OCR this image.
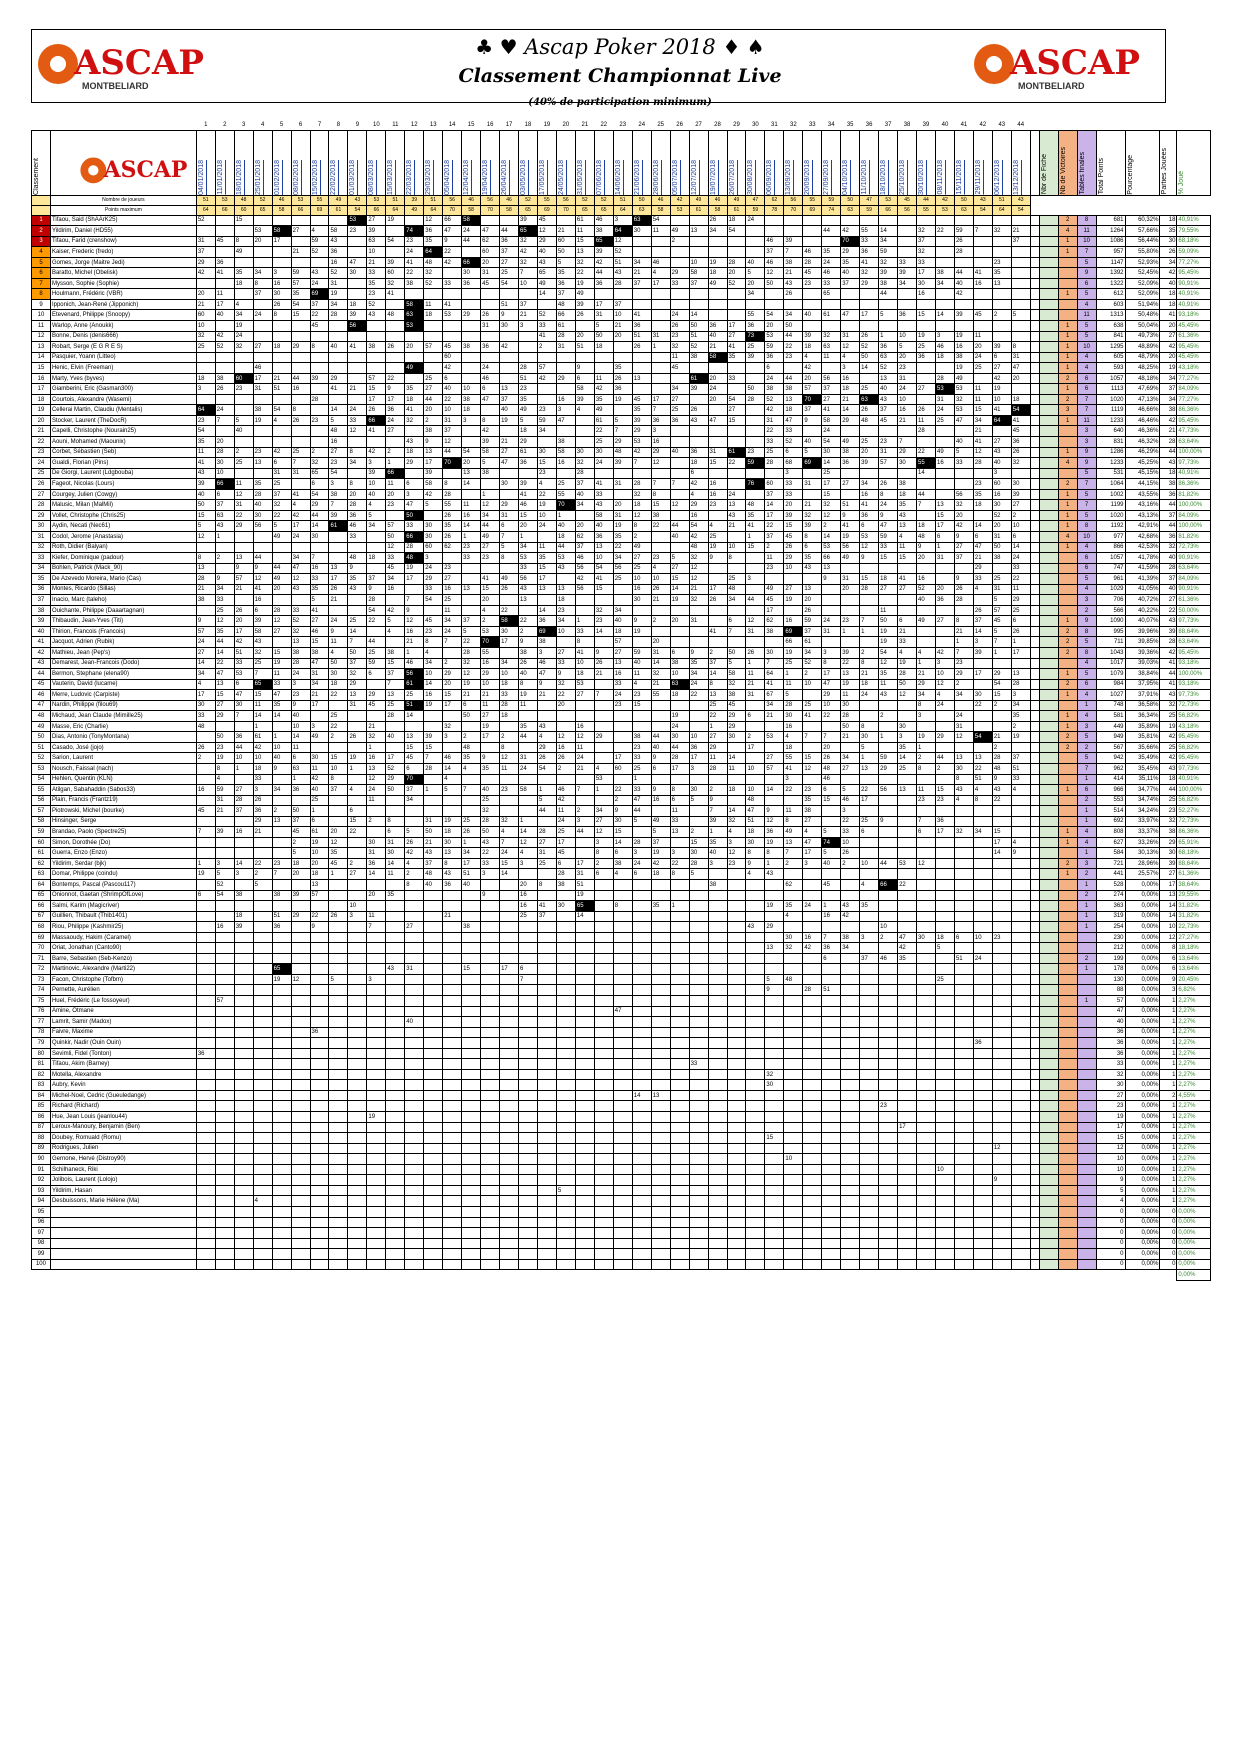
ASCAP
MONTBELIARD
ASCAP
MONTBELIARD
♣ ♥ Ascap Poker 2018 ♦ ♠
Classement Championnat Live
(40% de participation minimum)
		1	2	3	4	5	6	7	8	9	10	11	12	13	14	15	16	17	18	19	20	21	22	23	24	25	26	27	28	29	30	31	32	33	34	35	36	37	38	39	40	41	42	43	44								

Classement	ASCAP	04/01/2018	11/01/2018	18/01/2018	25/01/2018	01/02/2018	08/02/2018	15/02/2018	22/02/2018	01/03/2018	08/03/2018	15/03/2018	22/03/2018	29/03/2018	05/04/2018	12/04/2018	19/04/2018	26/04/2018	03/05/2018	17/05/2018	24/05/2018	31/05/2018	07/06/2018	14/06/2018	21/06/2018	28/06/2018	05/07/2018	12/07/2018	19/07/2018	26/07/2018	30/08/2018	06/09/2018	13/09/2018	20/09/2018	27/09/2018	04/10/2018	11/10/2018	18/10/2018	25/10/2018	30/10/2018	08/11/2018	15/11/2018	29/11/2018	06/12/2018	13/12/2018		Nbr de Fiche	Nb de Victoires	Tables finales	Total Points	Pourcentage	Parties Jouées	% Joué

	Nombre de joueurs	51	53	48	52	46	53	55	49	43	53	51	39	51	56	46	56	46	52	55	56	52	52	51	50	46	42	49	46	49	47	62	56	55	59	50	47	53	45	44	42	50	43	51	43								
	Points maximum	64	66	60	65	58	66	69	61	54	66	64	49	64	70	58	70	58	65	69	70	65	65	64	63	58	53	61	58	61	59	78	70	69	74	63	59	66	56	55	53	63	54	64	54								
1	Tifaou, Said (ShAArK25)	52		15						53	27	19		12	66	58			39	45		61	46	3	63	54			26	18	24																	2	8	681	60,32%	18	40,91%
2	Yildirim, Daniel (HD55)				53	58	27	4	58	23	39		74	36	47	24	47	44	65	12	21	11	38	64	30	11	49	13	34	54					44	42	55	14		32	22	59	7	32	21			4	11	1264	57,66%	35	79,55%
3	Tifaou, Farid (crenshow)	31	45	8	20	17		59	43		63	54	23	35	9	44	62	36	32	29	60	15	65	12			2					46	39			70	33	34		37		26			37			1	10	1086	56,44%	30	68,18%
4	Kaiser, Frederic (fredo)	37		49			21	52	36		10		24	64	22		60	37	42	40	50	13	39	52								37	7	46	35	29	36	59		32		28						1	7	957	55,80%	26	59,09%
5	Gomes, Jorge (Maitre Jedi)	29	36						16	47	21	39	41	48	42	66	20	27	32	43	5	32	42	51	34	46		10	19	28	40	46	38	28	24	35	41	32	33	33				23					5	1147	52,93%	34	77,27%
6	Baratto, Michel (Obelisk)	42	41	35	34	3	59	43	52	30	33	60	22	32		30	31	25	7	65	35	22	44	43	21	4	29	58	18	20	5	12	21	45	46	40	32	39	39	17	38	44	41	35					9	1392	52,45%	42	95,45%
7	Mysson, Sophie (Sophie)			18	8	16	57	24	31		35	32	38	52	33	36	45	54	10	49	36	19	36	28	37	17	33	37	49	52	20	50	43	23	33	37	29	38	34	30	34	40	16	13					6	1322	52,09%	40	90,91%
8	Houlmann, Frédéric (VBR)	20	11		37	30	35	69	19		23	41								14	37	49									34		26		65			44		16		42						1	5	612	52,09%	18	40,91%
9	Ipponich, Jean-René (Jipponich)	21	17	4		26	54	37	34	18	52		58	11	41			51	37		48	39	17	37																									4	603	51,94%	18	40,91%
10	Etevenard, Philippe (Snoopy)	60	40	34	24	8	15	22	28	39	43	48	63	18	53	29	26	9	21	52	66	26	31	10	41		24	14			55	54	34	40	61	47	17	5	36	15	14	39	45	2	5				11	1313	50,48%	41	93,18%
11	Warlop, Anne (Anoukk)	10		19				45		56			53				31	30	3	33	61		5	21	36		26	50	36	17	36	20	50															1	5	638	50,04%	20	45,45%
12	Bonne, Denis (denis666)	32	42	24																41	28	20	50	20	51	31	23	51	40	27	73	53	44	39	32	31	26	1	10	19	3	19	11					1	5	841	49,73%	27	61,36%
13	Robart, Serge (E G R E S)	25	52	32	27	18	29	8	40	41	38	26	20	57	45	38	36	42		2	31	51	18		26	1	32	52	21	41	25	59	22	18	63	12	52	36	5	25	46	16	20	39	8			1	10	1295	48,89%	42	95,45%
14	Pasquier, Yoann (Litteo)														60												11	38	58	35	39	36	23	4	11	4	50	63	20	36	18	38	24	6	31			1	4	605	48,79%	20	45,45%
15	Henic, Elvin (Freeman)				46								49		42		24		28	57		9		35			45					6		42		3	14	52	23			19	25	27	47			1	4	593	48,25%	19	43,18%
16	Marty, Yves (byves)	18	38	60	17	21	44	39	29		57	22		25	6		46		51	42	29	6	11	26	13			61	20	33		24	44	20	56	16		13	31		28	49		42	20			2	6	1057	48,18%	34	77,27%
17	Giamberini, Eric (Gasman300)	3	26	23	31	51	16		41	21	15	9	35	27	40	10	6	13	23			58	42	36			34	39	24		50	38	38	57	37	18	25	40	24	27	53	53	11	19				1	6	1113	47,69%	37	84,09%
18	Courtois, Alexandre (Wasemi)							28			17	17	18	44	22	38	47	37	35		16	39	35	19	45	17	27		20	54	28	52	13	70	27	21	63	43	10		31	32	11	10	18			2	7	1020	47,13%	34	77,27%
19	Cellerai Martin, Claudiu (Mentalis)	64	24		38	54	8		14	24	26	36	41	20	10	18		40	49	23	3	4	49		35	7	25	26		27		42	18	37	41	14	26	37	16	26	24	53	15	41	54			3	7	1119	46,66%	38	86,36%
20	Stocker, Laurent (TheDocR)	23	7	5	19	4	26	23	5	33	66	24	32	2	31	3	8	19	5	59	47		61	5	39	36	36	43	47	15		31	47	9	58	29	48	45	21	11	25	47	34	64	41			1	11	1233	46,46%	42	95,45%
21	Capelli, Christophe (Nourain25)	54		40					48	12	41	27		38	37		42		18	34			22	7	29	3						22	33		24					28			21		45				3	640	46,36%	21	47,73%
22	Aouni, Mohamed (Maounix)	35	20						16				43	9	12		39	21	29		38		25	29	53	16						33	52	40	54	49	25	23	7			40	41	27	36				3	831	46,32%	28	63,64%
23	Corbet, Sébastien (Seb)	11	28	2	23	42	25	2	27	8	42	2	18	13	44	54	58	27	61	30	58	30	30	48	42	29	40	36	31	61	23	25	6	5	30	38	20	31	29	22	49	5	12	43	26			1	9	1286	46,29%	44	100,00%
24	Gualdi, Florian (Pins)	41	30	25	13	6	7	32	23	34	3	1	29	17	70	20	5	47	36	15	16	32	24	39	7	12		18	15	22	59	28	68	69	14	36	39	57	30	55	16	33	28	40	32			4	9	1233	45,25%	43	97,73%
25	De Giorgi, Laurent (Ldgbouba)	43	10			31	31	65	54		39	66		39		13	38			23		28						6					3		25					14				3					5	531	45,15%	18	40,91%
26	Fageot, Nicolas (Lours)	39	66	11	35	25		6	3	8	10	11	6	58	8	14		30	39	4	25	37	41	31	28	7	7	42	16		76	60	33	31	17	27	34	26	38				23	60	30			2	7	1064	44,15%	38	86,36%
27	Courgey, Julien (Cowgy)	40	6	12	28	37	41	54	38	20	40	20	3	42	28		1		41	22	55	40	33		32	8		4	16	24		37	33		15		16	8	18	44		56	35	16	39			1	5	1002	43,55%	36	81,82%
28	Malusic, Milan (MalMil)	50	37	31	40	32	4	29	7	28	4	23	47	5	55	11	12	29	46	19	70	34	43	20	18	15	12	29	23	13	48	14	20	21	32	51	41	24	35	7	13	32	18	30	27			1	7	1199	43,16%	44	100,00%
29	Vollet, Christophe (Chris25)	15	63	22	30	22	42	44	39	36	5		50		26	16	34	31	15	10	1		58	31	12	38		16		43	35	17	39	32	12	9	36	9	43		15	20		52	2			1	5	1020	43,13%	37	84,09%
30	Aydin, Necati (Nec61)	5	43	29	56	5	17	14	61	46	34	57	33	30	35	14	44	6	20	24	40	20	40	19	8	22	44	54	4	21	41	22	15	39	2	41	6	47	13	18	17	42	14	20	10			1	8	1192	42,91%	44	100,00%
31	Codol, Jerome (Anastasia)	12	1			49	24	30		33		50	66	30	26	1	49	7	1		18	62	36	35	2		40	42	25		1	37	45	8	14	19	53	59	4	48	6	9	6	31	6			4	10	977	42,68%	36	81,82%
32	Roth, Didier (Balyan)											12	28	60	62	23	27	5	34	11	44	37	13	22	49			48	19	10	15	2	26	6	53	56	12	33	11	9	1	27	47	50	14			1	4	866	42,53%	32	72,73%
33	Kiefer, Dominique (padour)	8	2	13	44		34	7		48	18	33	48	3		33	23	8	53	35	53	46	10	34	27	23	5	32	9	8		11	29	35	66	49	9	15	15	20	31	37	21	38	24				6	1057	41,78%	40	90,91%
34	Bohlen, Patrick (Mack_90)	13		9	9	44	47	16	13	9		45	19	24	23				33	15	43	56	54	56	25	4	27	12				23	10	43	13								29		33				6	747	41,59%	28	63,64%
35	De Azevedo Moreira, Mario (Cas)	28	9	57	12	49	12	33	17	35	37	34	17	29	27		41	49	56	17		42	41	25	10	10	15	12		25	3				9	31	15	18	41	16		9	33	25	22				5	961	41,39%	37	84,09%
36	Montes, Ricardo (Sillas)	21	34	21	41	20	43	35	26	43	9	16		33	16	13	15	26	43	13	13	56	15		16	26	14	21	17	48		49	27	13		20	28	27	27	52	20	26	4	31	11				4	1029	41,05%	40	90,91%
37	Inacio, Marc (taleho)	38	33		16			5	21		28		7	54	25		20		13		18				30	21	19	32	26	34	44	45	19	20						40	36	28		5	29				3	706	40,72%	27	61,36%
38	Ouichante, Philippe (Daaartagnan)		25	26	6	28	33	41			54	42	9		11		4	22		14	23		32	34								17		26				11					26	57	25				2	566	40,22%	22	50,00%
39	Thibaudin, Jean-Yves (Titi)	9	12	20	39	12	52	27	24	25	22	5	12	45	34	37	2	58	22	36	34	1	23	40	9	2	20	31		6	12	62	16	59	24	23	7	50	6	49	27	8	37	45	6			1	9	1090	40,07%	43	97,73%
40	Thirion, Francois (Francois)	57	35	17	58	27	32	46	9	14		4	16	23	24	5	53	30	2	69	10	33	14	18	19				41	7	31	38	69	37	31	1	1	19	21			21	14	5	26			2	8	995	39,96%	39	88,64%
41	Jacquot, Adrien (Rubik)	24	44	42	43		13	15	11	7	44		21	8	7	22	70	17	9	38		8		57		20							66	61				19	33			1	3	7	1			2	5	711	39,85%	28	63,64%
42	Mathieu, Jean (Pep's)	27	14	51	32	15	38	38	4	50	25	38	1	4		28	55		38	3	27	41	9	27	59	31	6	9	2	50	26	30	19	34	3	39	2	54	4	4	42	7	39	1	17			2	8	1043	39,36%	42	95,45%
43	Demarest, Jean-Francois (Dodo)	14	22	33	25	19	28	47	50	37	59	15	46	34	2	32	16	34	26	46	33	10	26	13	40	14	38	35	37	5	1	7	25	52	8	22	8	12	19	1	3	23							4	1017	39,03%	41	93,18%
44	Bermon, Stephane (elena90)	34	47	53	7	11	24	31	30	32	6	37	56	10	29	12	29	10	40	47	9	18	21	16	11	32	10	34	14	58	11	64	1	2	17	13	21	35	28	21	10	29	17	29	13			1	5	1079	38,84%	44	100,00%
45	Vauterin, David (lucame)	4	13	6	65	33	3	34	18	29		7	61	14	20	19	10	18	8	9	32	53		33	4	21	63	24	8	32	21	41	11	10	47	19	18	11	50	29	12	2		54	28			2	6	984	37,95%	41	93,18%
46	Merre, Ludovic (Carpiste)	17	15	47	15	47	23	21	22	13	29	13	25	16	15	21	21	33	19	21	22	27	7	24	23	55	18	22	13	38	31	67	5		29	11	24	43	12	34	4	34	30	15	3			1	4	1027	37,91%	43	97,73%
47	Nardin, Philippe (filou69)	30	27	30	11	35	9	17		31	45	25	51	19	17	6	11	28	11		20			23	15				25	45		34	28	25	10	30				8	24		22	2	34				1	748	36,58%	32	72,73%
48	Michaud, Jean Claude (Mimille25)	33	29	7	14	14	40		25			28	14			50	27	18									19		22	29	6	21	30	41	22	28		2		3		24			35			1	4	581	36,34%	25	56,82%
49	Masse, Eric (Charlie)	48			1		10	3	22		21				32		19		35	43		16					24		1	29			16			50	8		30			31			2			1	3	449	35,89%	19	43,18%
50	Dias, Antonio (TonyMontana)		50	36	61	1	14	49	2	26	32	40	13	39	3	2	17	2	44	4	12	12	29		38	44	30	10	27	30	2	53	4	7	7	21	30	1	3	19	29	12	54	21	19			2	5	949	35,81%	42	95,45%
51	Casado, José (jojo)	26	23	44	42	10	11				1		15	15		48		8		29	16	11			23	40	44	36	29		17		18		20		5		35	1				2				2	2	567	35,66%	25	56,82%
52	Sarion, Laurent	2	19	10	10	40	6	30	15	19	16	17	45	7	46	35	9	12	31	26	26	24		17	33	9	28	17	11	14		27	55	15	26	34	1	59	14	2	44	13	13	28	37				5	942	35,49%	42	95,45%
53	Nousch, Faissal (nach)		8	1	18	9	63	11	10	1	13	52	6	28	14	4	35	11	24	54	2	21	4	60	25	6	17	3	28	11	10	57	41	12	48	27	13	29	25	8	2	30	22	48	51				7	962	35,45%	43	97,73%
54	Hehlen, Quentin (KLN)		4		33		1	42	8		12	29	70		4								53		1								3		46							8	51	9	33				1	414	35,11%	18	40,91%
55	Atilgan, Sabahaddin (Sabos33)	16	59	27	3	34	36	40	37	4	24	50	37	1	5	7	40	23	58	1	46	7	1	22	33	9	8	30	2	18	10	14	22	23	6	5	22	56	13	11	15	43	4	43	4			1	6	966	34,77%	44	100,00%
56	Plain, Francis (Frantz19)		31	28	26			25			11		34				25			5	42			2	47	16	6	5	9		48			35	15	46	17			23	23	4	8	22					2	553	34,74%	25	56,82%
57	Piotrowski, Michel (bourke)	45	21	37	36	2	50	1		6							32			44	11	2	34	9	44		11		7	14	47	9	11	38		3													1	514	34,24%	23	52,27%
58	Hinsinger, Serge				29	13	37	6		15	2	8		31	19	25	28	32	1		24	3	27	30	5	49	33		39	32	51	12	8	27		22	25	9		7	36								1	692	33,97%	32	72,73%
59	Brandao, Paolo (Spectre25)	7	39	16	21		45	61	20	22		6	5	50	18	26	50	4	14	28	25	44	12	15		5	13	2	1	4	18	36	49	4	5	33	6			6	17	32	34	15				1	4	808	33,37%	38	86,36%
60	Simon, Dorothée (Do)						2	19	12		30	31	26	21	30	1	43	7	12	27	17		3	14	28	37		15	35	3	30	19	13	47	74	10								17	4			1	4	627	33,26%	29	65,91%
61	Guerra, Enzo (Enzo)						5	10	35		31	30	42	43	13	34	22	24	4	31	45		8	6	3	19	3	30	40	12	8	8	7	17	5	26								14	9				1	584	30,13%	30	68,18%
62	Yildirim, Serdar (bjk)	1	3	14	22	23	18	20	45	2	36	14	4	37	8	17	33	15	3	25	6	17	2	38	24	42	22	28	3	23	9	1	2	3	40	2	10	44	53	12								2	3	721	28,96%	39	88,64%
63	Domar, Philippe (coindu)	19	5	3	2	7	20	18	1	27	14	11	2	48	43	51	3	14			28	31	6	4	6	18	8	5			4	43																1	2	441	25,57%	27	61,36%
64	Bontemps, Pascal (Pascou117)		52		5			13					8	40	36	40			20	8	38	51							38				62		45		4	66	22										1	528	0,00%	17	38,64%
65	Onionnot, Gaetan (ShrimpOfLove)	6	54	38		38	39	57			20	35					9		16			19																											2	274	0,00%	13	29,55%
66	Salmi, Karim (Magicriver)									10									16	41	30	65		8		35	1					19	35	24	1	43	35												1	363	0,00%	14	31,82%
67	Guillien, Thibault (Thib1401)			18		51	29	22	26	3	11				21				25	37		14											4		16	42													1	319	0,00%	14	31,82%
68	Riou, Philippe (Kashmir25)		16	39		36		9			7		27			38															43	29						10											1	254	0,00%	10	22,73%
69	Massaoudy, Hakim (Caramel)																																30	16	7	38	3	2	47	30	18	6	10	23						230	0,00%	12	27,27%
70	Oriat, Jonathan (Canto90)																															13	32	42	36	34			42		5									212	0,00%	8	18,18%
71	Barre, Sebastien (Seb-Kenzo)																																		6		37	46	35			51	24						2	199	0,00%	6	13,64%
72	Martinovic, Alexandre (Marti22)					65						43	31			15		17	6																														1	178	0,00%	6	13,64%
73	Facon, Christophe (Tofbm)					19	12		5		3								7													5	48								25									130	0,00%	9	20,45%
74	Pernette, Aurélien																															9		28	51															88	0,00%	3	6,82%
75	Huel, Frédéric (Le fossoyeur)		57																																														1	57	0,00%	1	2,27%
76	Amine, Otmane																							47																										47	0,00%	1	2,27%
77	Lamrit, Samir (Madox)												40																																					40	0,00%	1	2,27%
78	Faivre, Maxime							36																																										36	0,00%	1	2,27%
79	Quinkir, Nadir (Ouin Ouin)																																										36							36	0,00%	1	2,27%
80	Sevimli, Fidel (Tonton)	36																																																36	0,00%	1	2,27%
81	Tifaou, Akim (Barney)																											33																						33	0,00%	1	2,27%
82	Motella, Alexandre																															32																		32	0,00%	1	2,27%
83	Aubry, Kevin																															30																		30	0,00%	1	2,27%
84	Michel-Noel, Cedric (Gueuledange)																								14	13																								27	0,00%	2	4,55%
85	Richard (Richard)																																					23												23	0,00%	1	2,27%
86	Hue, Jean Louis (jeanlou44)										19																																							19	0,00%	1	2,27%
87	Leroux-Manoury, Benjamin (Ben)																																						17											17	0,00%	1	2,27%
88	Doubey, Romuald (Romu)																															15																		15	0,00%	1	2,27%
89	Rodrigues, Julien																																											12						12	0,00%	1	2,27%
90	Gernone, Hervé (Distroy90)																																10																	10	0,00%	1	2,27%
91	Schilhaneck, Riki																																								10									10	0,00%	1	2,27%
92	Jolibois, Laurent (Lolojo)																																											9						9	0,00%	1	2,27%
93	Yildirim, Hasan																				5																													5	0,00%	1	2,27%
94	Desbuissons, Marie Hélène (Ma)				4																																													4	0,00%	1	2,27%
95																																																		0	0,00%	0	0,00%
96																																																		0	0,00%	0	0,00%
97																																																		0	0,00%	0	0,00%
98																																																		0	0,00%	0	0,00%
99																																																		0	0,00%	0	0,00%
100																																																		0	0,00%	0	0,00%
																																																					0,00%
